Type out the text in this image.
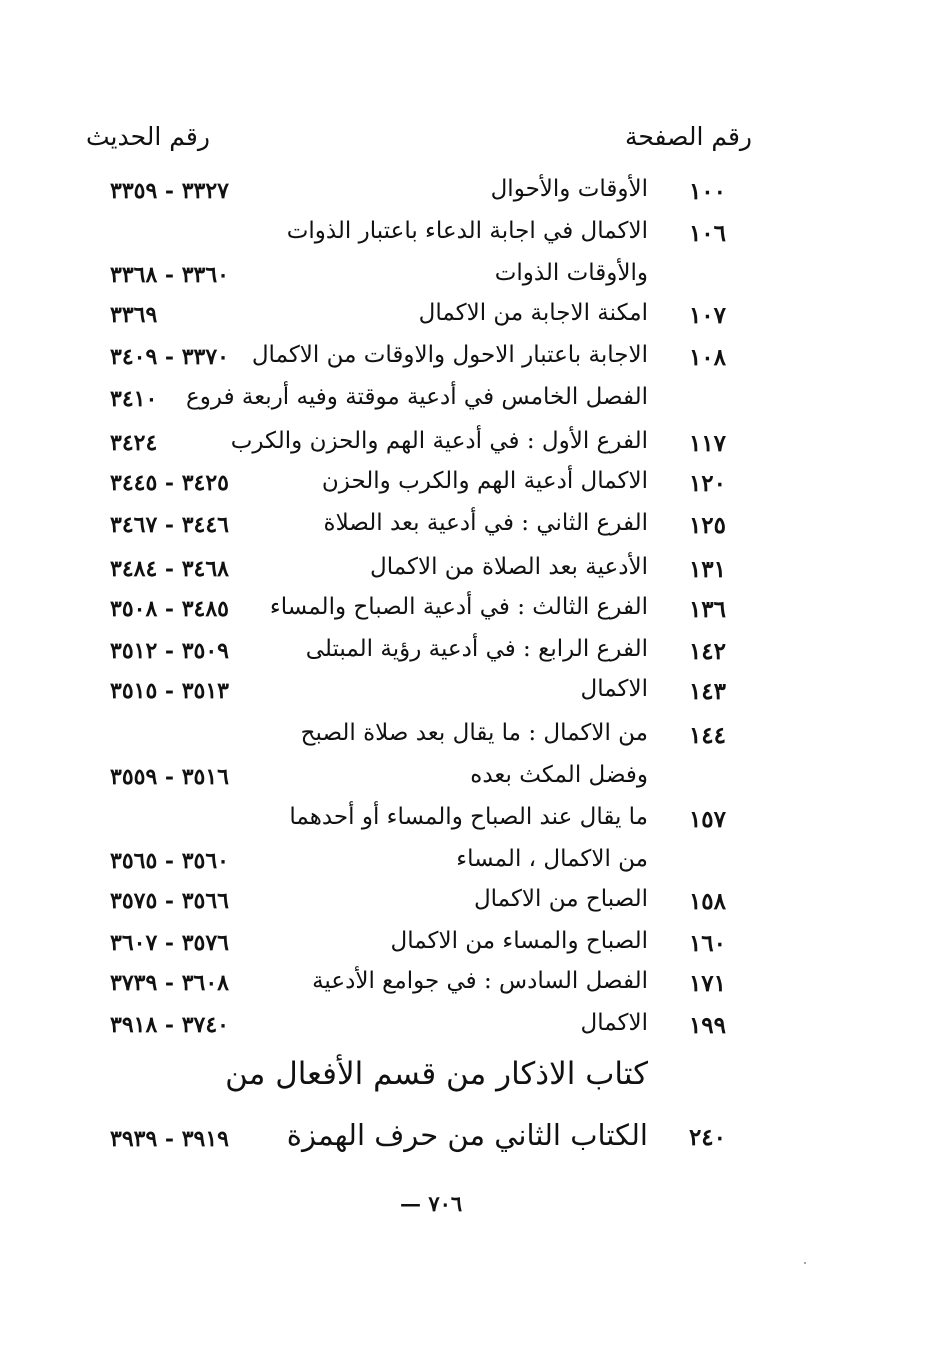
رقم الصفحة
رقم الحديث
١٠٠
الأوقات والأحوال
٣٣٢٧ - ٣٣٥٩
١٠٦
الاكمال في اجابة الدعاء باعتبار الذوات
والأوقات الذوات
٣٣٦٠ - ٣٣٦٨
١٠٧
امكنة الاجابة من الاكمال
٣٣٦٩
١٠٨
الاجابة باعتبار الاحول والاوقات من الاكمال
٣٣٧٠ - ٣٤٠٩
الفصل الخامس في أدعية موقتة وفيه أربعة فروع
٣٤١٠
١١٧
الفرع الأول : في أدعية الهم والحزن والكرب
٣٤٢٤
١٢٠
الاكمال أدعية الهم والكرب والحزن
٣٤٢٥ - ٣٤٤٥
١٢٥
الفرع الثاني : في أدعية بعد الصلاة
٣٤٤٦ - ٣٤٦٧
١٣١
الأدعية بعد الصلاة من الاكمال
٣٤٦٨ - ٣٤٨٤
١٣٦
الفرع الثالث : في أدعية الصباح والمساء
٣٤٨٥ - ٣٥٠٨
١٤٢
الفرع الرابع : في أدعية رؤية المبتلى
٣٥٠٩ - ٣٥١٢
١٤٣
الاكمال
٣٥١٣ - ٣٥١٥
١٤٤
من الاكمال : ما يقال بعد صلاة الصبح
وفضل المكث بعده
٣٥١٦ - ٣٥٥٩
١٥٧
ما يقال عند الصباح والمساء أو أحدهما
من الاكمال ، المساء
٣٥٦٠ - ٣٥٦٥
١٥٨
الصباح من الاكمال
٣٥٦٦ - ٣٥٧٥
١٦٠
الصباح والمساء من الاكمال
٣٥٧٦ - ٣٦٠٧
١٧١
الفصل السادس : في جوامع الأدعية
٣٦٠٨ - ٣٧٣٩
١٩٩
الاكمال
٣٧٤٠ - ٣٩١٨
كتاب الاذكار من قسم الأفعال من
٢٤٠
الكتاب الثاني من حرف الهمزة
٣٩١٩ - ٣٩٣٩
— ٧٠٦
